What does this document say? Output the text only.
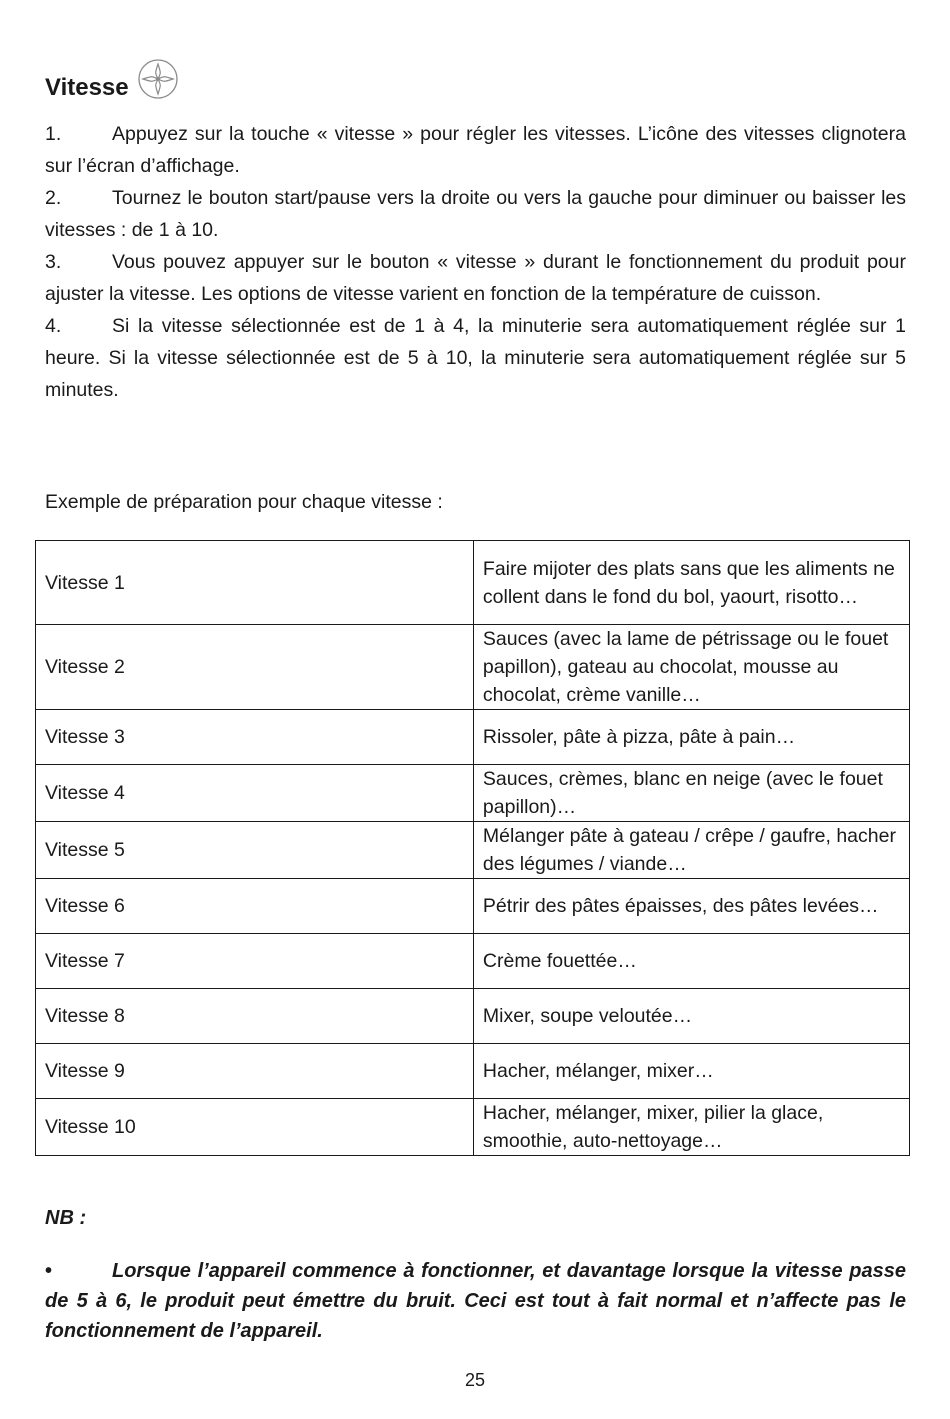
Vitesse

1.	Appuyez sur la touche « vitesse » pour régler les vitesses. L’icône des vitesses clignotera sur l’écran d’affichage.

2.	Tournez le bouton start/pause vers la droite ou vers la gauche pour diminuer ou baisser les vitesses : de 1 à 10.

3.	Vous pouvez appuyer sur le bouton « vitesse » durant le fonctionnement du produit pour ajuster la vitesse. Les options de vitesse varient en fonction de la température de cuisson.

4.	Si la vitesse sélectionnée est de 1 à 4, la minuterie sera automatiquement réglée sur 1 heure. Si la vitesse sélectionnée est de 5 à 10, la minuterie sera automatiquement réglée sur 5 minutes.

Exemple de préparation pour chaque vitesse :
Vitesse 1	Faire mijoter des plats sans que les aliments ne collent dans le fond du bol, yaourt, risotto…
Vitesse 2	Sauces (avec la lame de pétrissage ou le fouet papillon), gateau au chocolat, mousse au chocolat, crème vanille…
Vitesse 3	Rissoler, pâte à pizza, pâte à pain…
Vitesse 4	Sauces, crèmes, blanc en neige (avec le fouet papillon)…
Vitesse 5	Mélanger pâte à gateau / crêpe / gaufre, hacher des légumes / viande…
Vitesse 6	Pétrir des pâtes épaisses, des pâtes levées…
Vitesse 7	Crème fouettée…
Vitesse 8	Mixer, soupe veloutée…
Vitesse 9	Hacher, mélanger, mixer…
Vitesse 10	Hacher, mélanger, mixer, pilier la glace, smoothie, auto-nettoyage…
NB :

•	Lorsque l’appareil commence à fonctionner, et davantage lorsque la vitesse passe de 5 à 6, le produit peut émettre du bruit. Ceci est tout à fait normal et n’affecte pas le fonctionnement de l’appareil.

25
